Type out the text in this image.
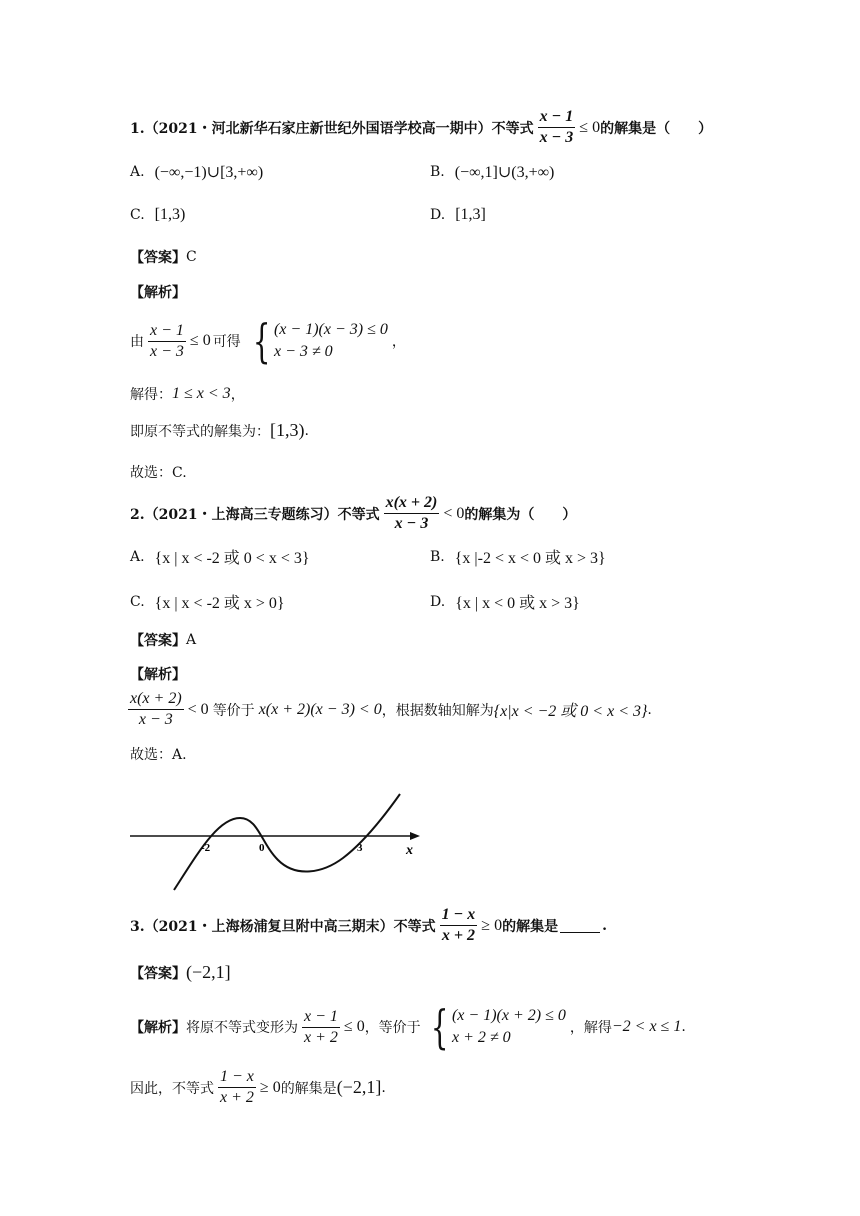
1.（2021・河北新华石家庄新世纪外国语学校高一期中）不等式 $\frac{x - 1}{x - 3} \le 0$ 的解集是（　　）
A. (−∞,−1)∪[3,+∞)	B. (−∞,1]∪(3,+∞)
C. [1,3)	D. [1,3]
【答案】 C
【解析】
由 $\frac{x - 1}{x - 3} \le 0$ 可得 { (x − 1)(x − 3) ≤ 0
x − 3 ≠ 0
，
解得： 1 ≤ x < 3 ，
即原不等式的解集为： [1,3) .
故选：C.
2.（2021・上海高三专题练习）不等式 $\frac{x(x + 2)}{x - 3} < 0$ 的解集为（　　）
A. {x | x < -2 或 0 < x < 3}	B. {x |-2 < x < 0 或 x > 3}
C. {x | x < -2 或 x > 0}	D. {x | x < 0 或 x > 3}
【答案】 A
【解析】
$\frac{x(x + 2)}{x - 3} < 0$ 等价于 x(x + 2)(x − 3) < 0 ，根据数轴知解为 {x|x < −2 或 0 < x < 3} .
故选：A.
-2	0	3	x
3.（2021・上海杨浦复旦附中高三期末）不等式 $\frac{1 - x}{x + 2} \ge 0$ 的解集是	.
【答案】 (−2,1]
【解析】 将原不等式变形为 $\frac{x - 1}{x + 2} \le 0$ ，等价于 { (x − 1)(x + 2) ≤ 0
x + 2 ≠ 0
，解得 −2 < x ≤ 1 .
因此，不等式 $\frac{1 - x}{x + 2} \ge 0$ 的解集是 (−2,1] .
